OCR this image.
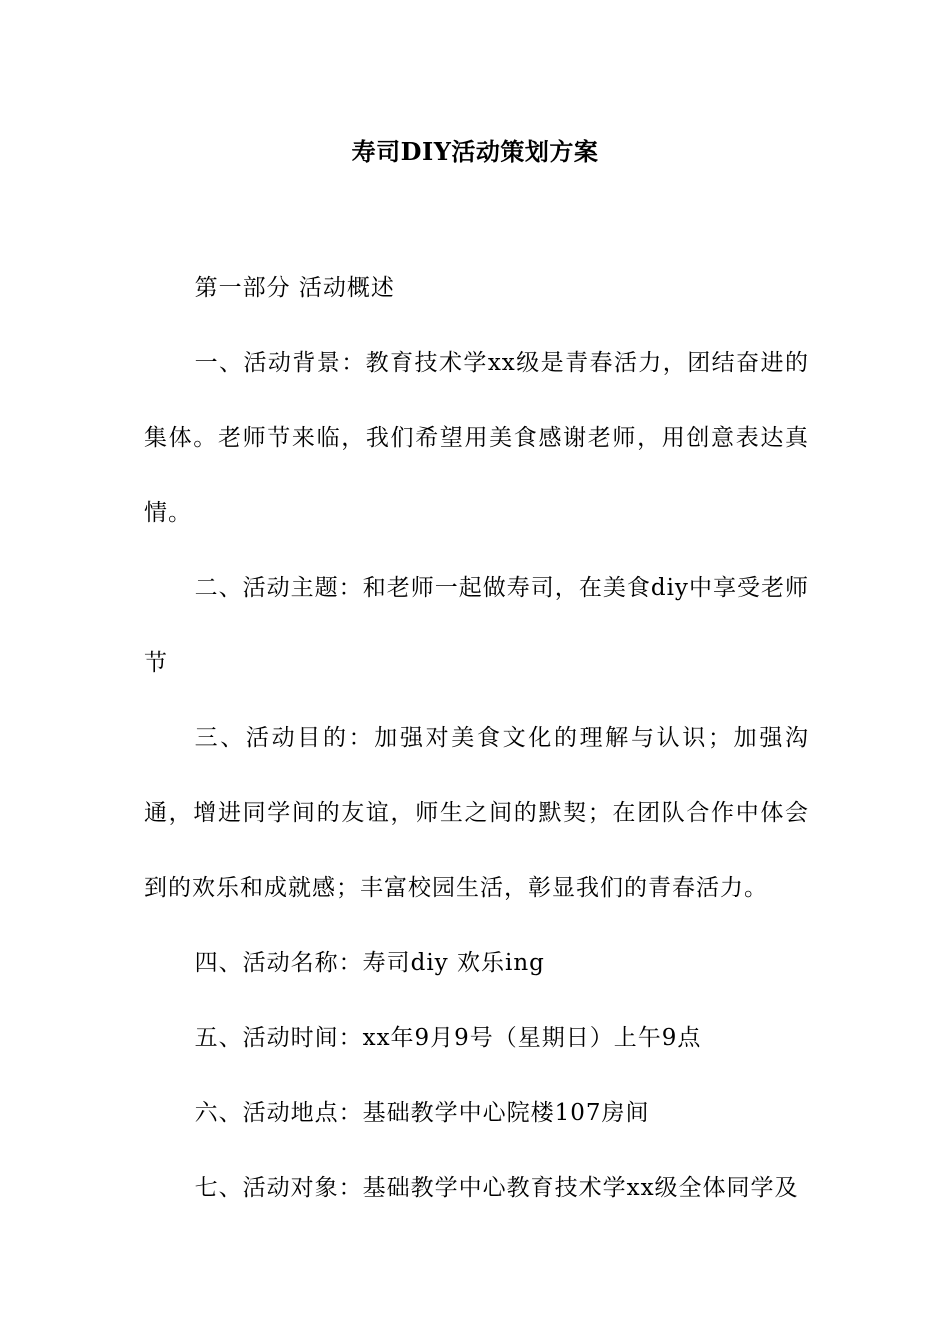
寿司DIY活动策划方案

第一部分 活动概述

一、活动背景：教育技术学xx级是青春活力，团结奋进的集体。老师节来临，我们希望用美食感谢老师，用创意表达真情。

二、活动主题：和老师一起做寿司，在美食diy中享受老师节

三、活动目的：加强对美食文化的理解与认识；加强沟通，增进同学间的友谊，师生之间的默契；在团队合作中体会到的欢乐和成就感；丰富校园生活，彰显我们的青春活力。

四、活动名称：寿司diy 欢乐ing

五、活动时间：xx年9月9号（星期日）上午9点

六、活动地点：基础教学中心院楼107房间

七、活动对象：基础教学中心教育技术学xx级全体同学及
